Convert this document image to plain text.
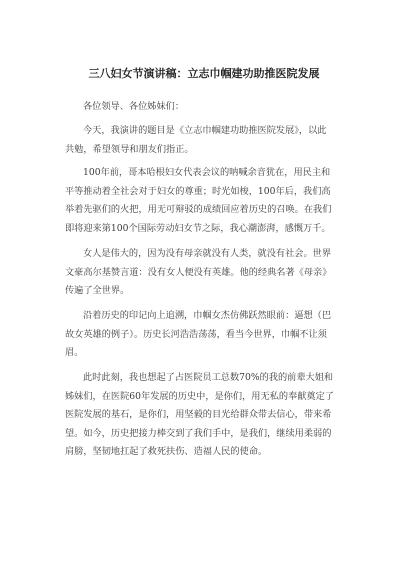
三八妇女节演讲稿：立志巾帼建功助推医院发展
各位领导、各位姊妹们：
今天，我演讲的题目是《立志巾帼建功助推医院发展》，以此
共勉，希望领导和朋友们指正。
100年前，哥本哈根妇女代表会议的呐喊余音犹在，用民主和
平等推动着全社会对于妇女的尊重；时光如梭，100年后，我们高
举着先驱们的火把，用无可辩驳的成绩回应着历史的召唤。在我们
即将迎来第100个国际劳动妇女节之际，我心潮澎湃，感慨万千。
女人是伟大的，因为没有母亲就没有人类，就没有社会。世界
文豪高尔基赞言道：没有女人便没有英雄。他的经典名著《母亲》
传遍了全世界。
沿着历史的印记向上追溯，巾帼女杰仿佛跃然眼前：逼想（巴
故女英雄的例子）。历史长河浩浩荡荡，看当今世界，巾帼不让须
眉。
此时此刻，我也想起了占医院员工总数70%的我的前辈大姐和
姊妹们，在医院60年发展的历史中，是你们，用无私的奉献奠定了
医院发展的基石，是你们，用坚毅的目光给群众带去信心，带来希
望。如今，历史把接力棒交到了我们手中，是我们，继续用柔弱的
肩膀，坚韧地扛起了救死扶伤、造福人民的使命。
